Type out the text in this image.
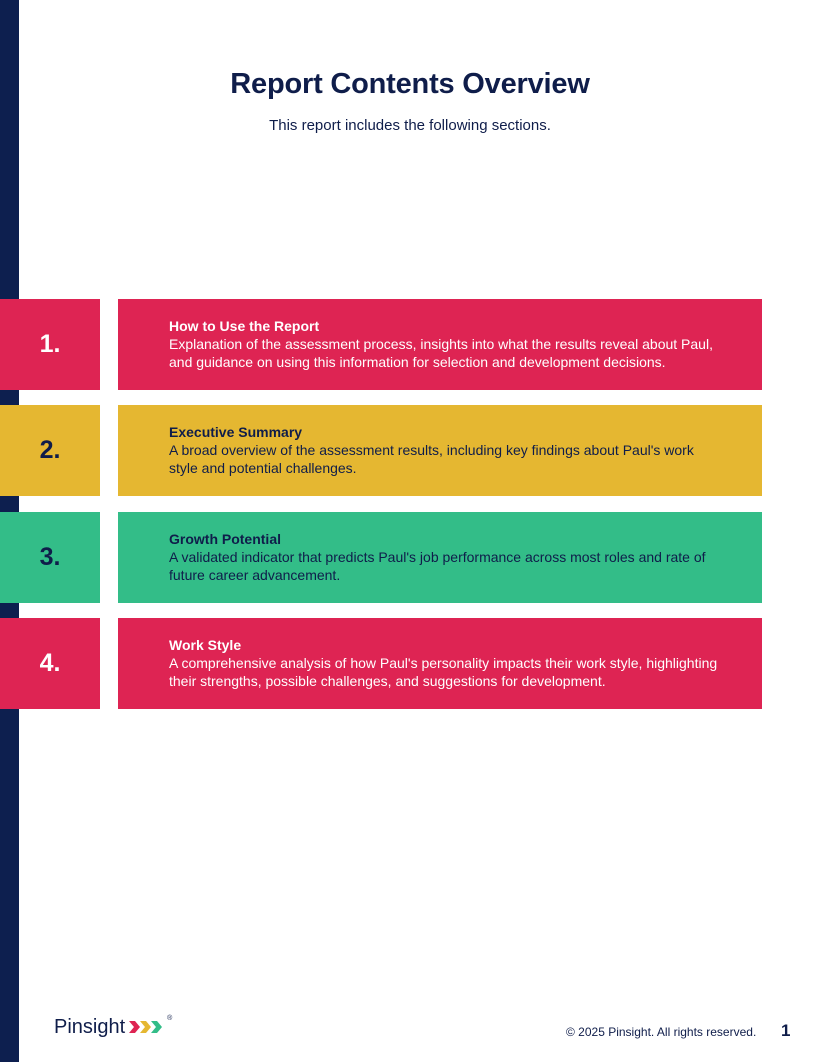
Report Contents Overview
This report includes the following sections.
1.
How to Use the Report
Explanation of the assessment process, insights into what the results reveal about Paul, and guidance on using this information for selection and development decisions.
2.
Executive Summary
A broad overview of the assessment results, including key findings about Paul's work style and potential challenges.
3.
Growth Potential
A validated indicator that predicts Paul's job performance across most roles and rate of future career advancement.
4.
Work Style
A comprehensive analysis of how Paul's personality impacts their work style, highlighting their strengths, possible challenges, and suggestions for development.
Pinsight	®
© 2025 Pinsight. All rights reserved. 1
